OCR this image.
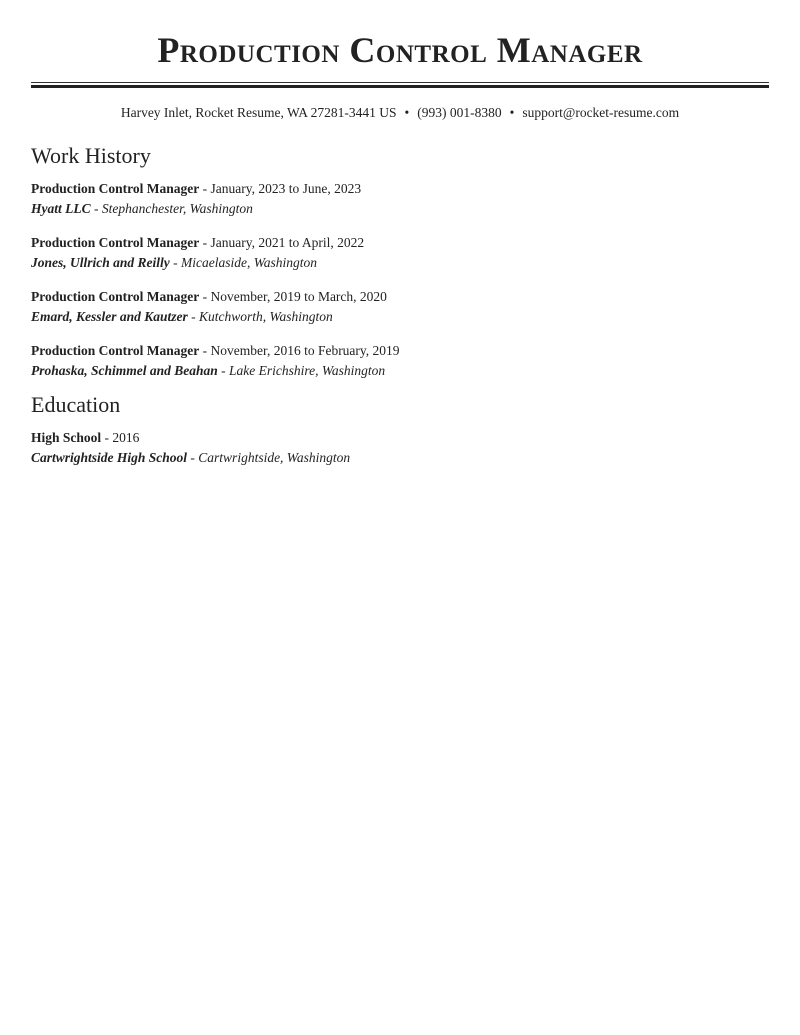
Production Control Manager
Harvey Inlet, Rocket Resume, WA 27281-3441 US • (993) 001-8380 • support@rocket-resume.com
Work History
Production Control Manager - January, 2023 to June, 2023
Hyatt LLC - Stephanchester, Washington
Production Control Manager - January, 2021 to April, 2022
Jones, Ullrich and Reilly - Micaelaside, Washington
Production Control Manager - November, 2019 to March, 2020
Emard, Kessler and Kautzer - Kutchworth, Washington
Production Control Manager - November, 2016 to February, 2019
Prohaska, Schimmel and Beahan - Lake Erichshire, Washington
Education
High School - 2016
Cartwrightside High School - Cartwrightside, Washington
